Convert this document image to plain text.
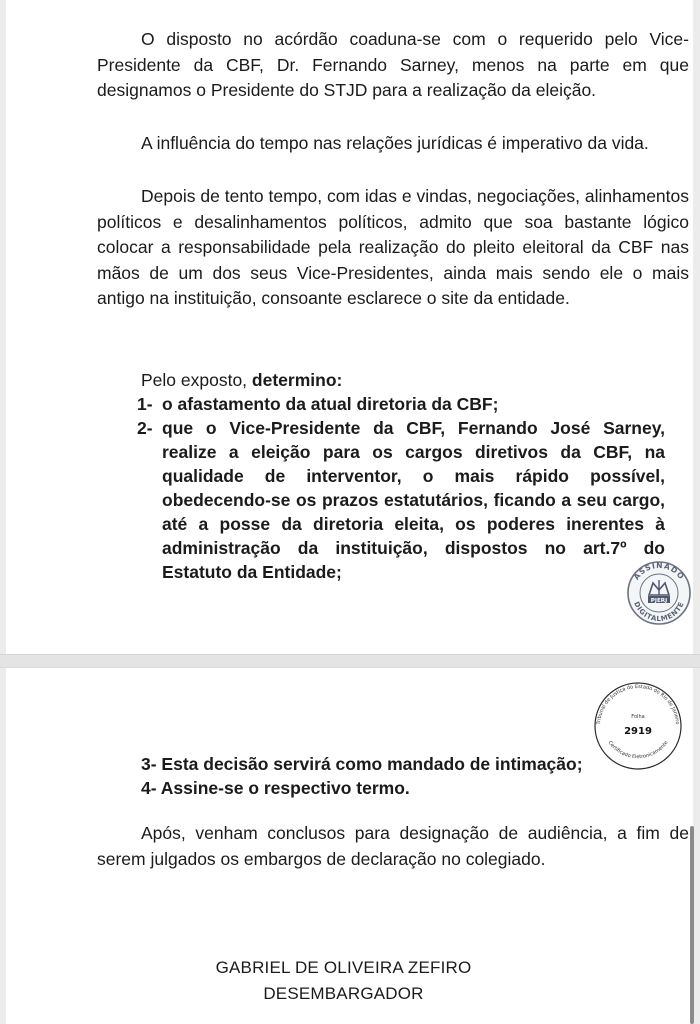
O disposto no acórdão coaduna-se com o requerido pelo Vice-Presidente da CBF, Dr. Fernando Sarney, menos na parte em que designamos o Presidente do STJD para a realização da eleição.

A influência do tempo nas relações jurídicas é imperativo da vida.

Depois de tento tempo, com idas e vindas, negociações, alinhamentos políticos e desalinhamentos políticos, admito que soa bastante lógico colocar a responsabilidade pela realização do pleito eleitoral da CBF nas mãos de um dos seus Vice-Presidentes, ainda mais sendo ele o mais antigo na instituição, consoante esclarece o site da entidade.

Pelo exposto, determino:
1- o afastamento da atual diretoria da CBF;
2- que o Vice-Presidente da CBF, Fernando José Sarney, realize a eleição para os cargos diretivos da CBF, na qualidade de interventor, o mais rápido possível, obedecendo-se os prazos estatutários, ficando a seu cargo, até a posse da diretoria eleita, os poderes inerentes à administração da instituição, dispostos no art.7º do Estatuto da Entidade;	ASSINADO
DIGITALMENTE
PJERJ
Tribunal de Justiça do Estado do Rio de Janeiro
Certificado Eletronicamente
Folha
2919
3- Esta decisão servirá como mandado de intimação;
4- Assine-se o respectivo termo.

Após, venham conclusos para designação de audiência, a fim de serem julgados os embargos de declaração no colegiado.

GABRIEL DE OLIVEIRA ZEFIRO
DESEMBARGADOR
